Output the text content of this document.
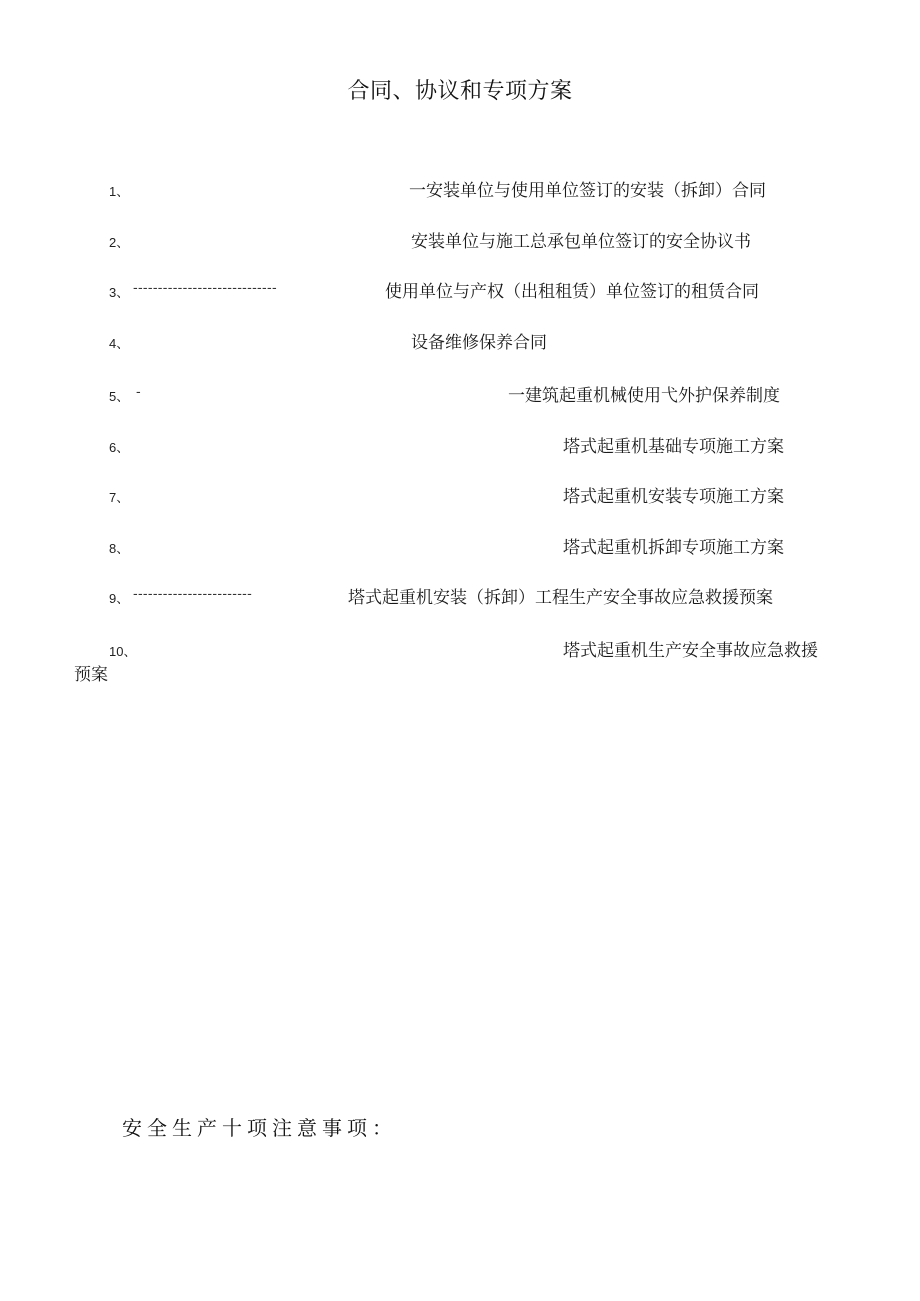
合同、协议和专项方案
1、	一安装单位与使用单位签订的安装（拆卸）合同
2、	安装单位与施工总承包单位签订的安全协议书
3、 -----------------------------	使用单位与产权（出租租赁）单位签订的租赁合同
4、	设备维修保养合同
5、 -	一建筑起重机械使用弋外护保养制度
6、	塔式起重机基础专项施工方案
7、	塔式起重机安装专项施工方案
8、	塔式起重机拆卸专项施工方案
9、 ------------------------	塔式起重机安装（拆卸）工程生产安全事故应急救援预案
10、	塔式起重机生产安全事故应急救援
预案
安全生产十项注意事项：
